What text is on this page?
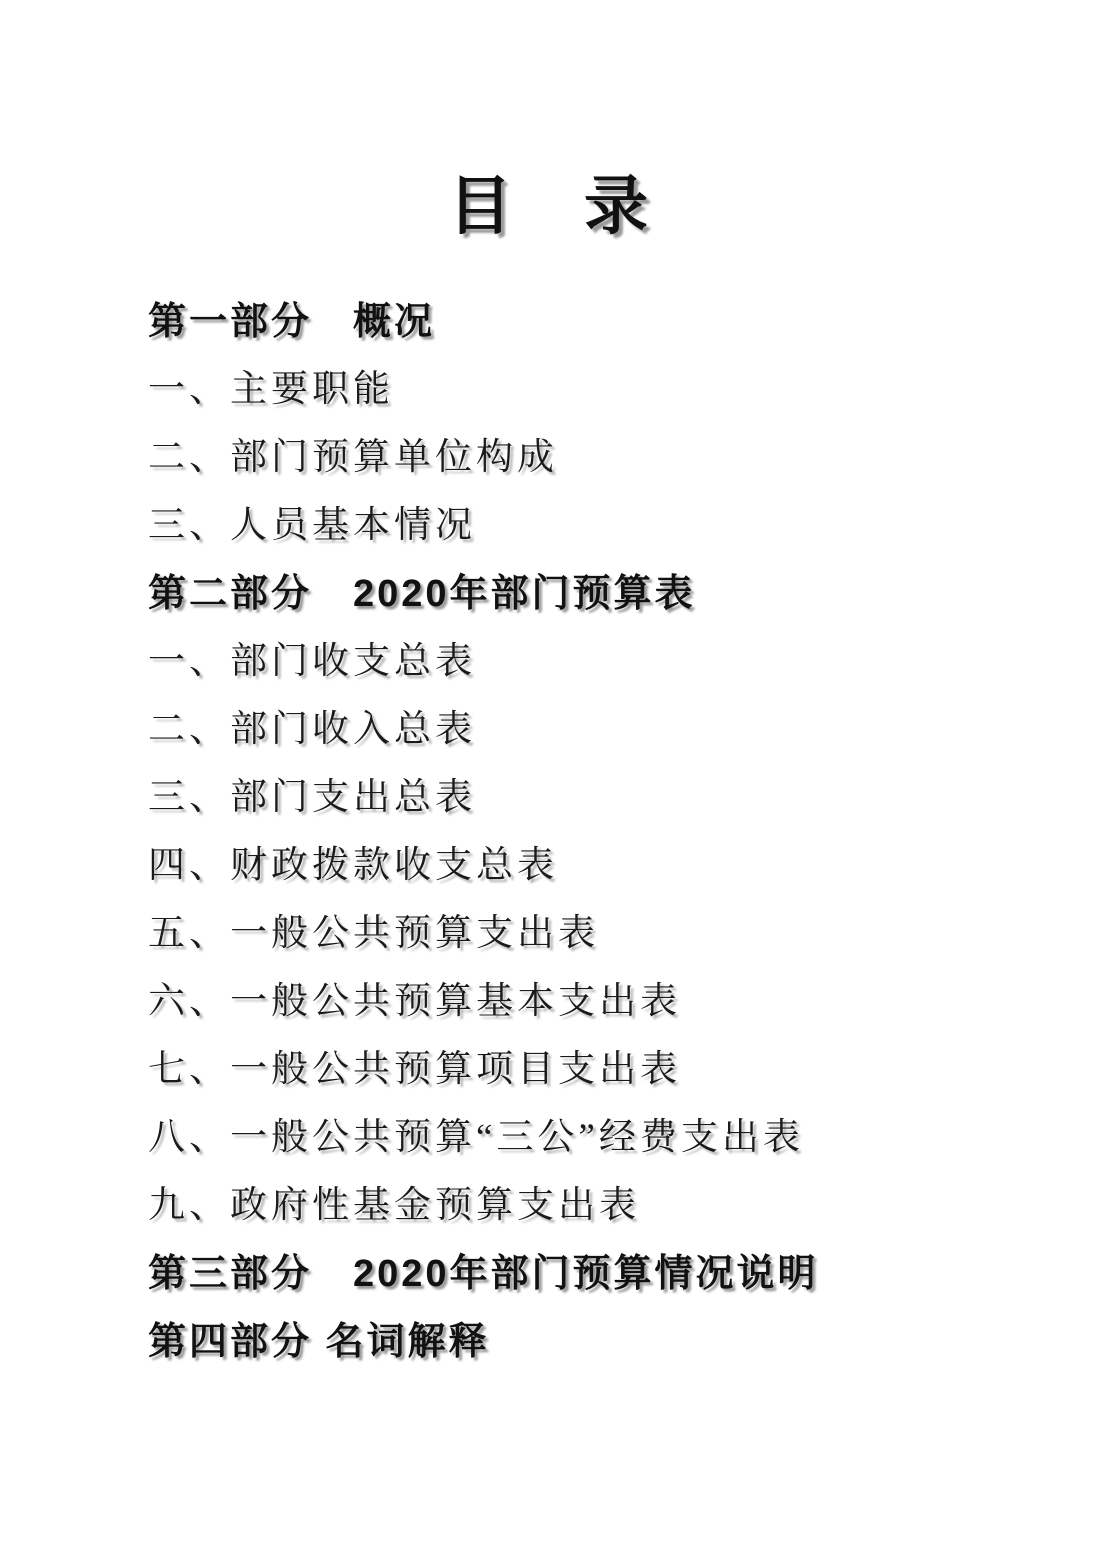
目　录
第一部分　概况
一、主要职能
二、部门预算单位构成
三、人员基本情况
第二部分　2020年部门预算表
一、部门收支总表
二、部门收入总表
三、部门支出总表
四、财政拨款收支总表
五、一般公共预算支出表
六、一般公共预算基本支出表
七、一般公共预算项目支出表
八、一般公共预算“三公”经费支出表
九、政府性基金预算支出表
第三部分　2020年部门预算情况说明
第四部分 名词解释
